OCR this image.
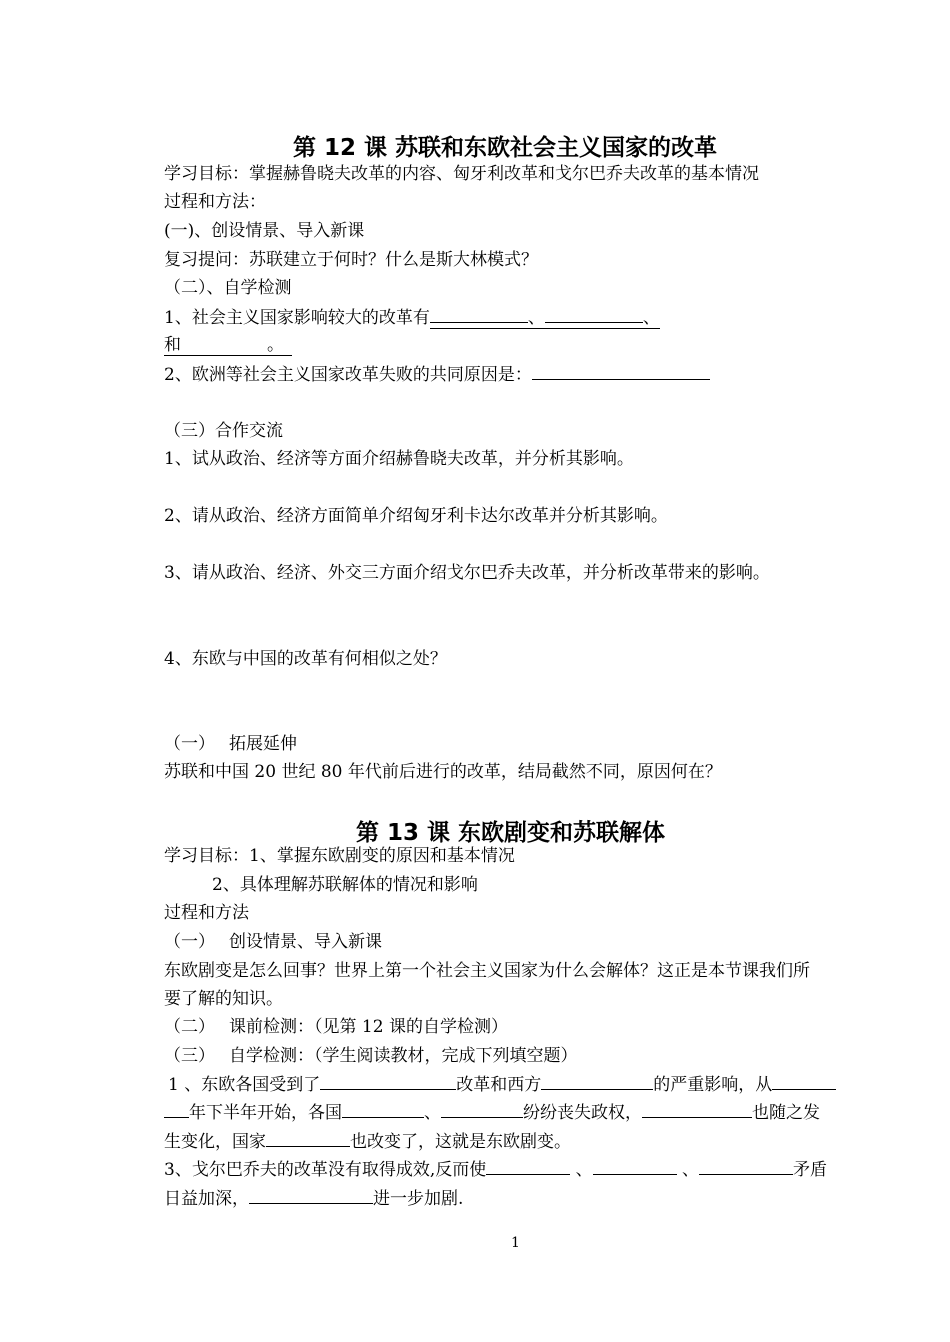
第 12 课 苏联和东欧社会主义国家的改革
学习目标：掌握赫鲁晓夫改革的内容、匈牙利改革和戈尔巴乔夫改革的基本情况
过程和方法：
(一)、创设情景、导入新课
复习提问：苏联建立于何时？什么是斯大林模式？
（二）、自学检测
1、社会主义国家影响较大的改革有	、	、
和	。
2、欧洲等社会主义国家改革失败的共同原因是：
（三）合作交流
1、试从政治、经济等方面介绍赫鲁晓夫改革，并分析其影响。
2、请从政治、经济方面简单介绍匈牙利卡达尔改革并分析其影响。
3、请从政治、经济、外交三方面介绍戈尔巴乔夫改革，并分析改革带来的影响。
4、东欧与中国的改革有何相似之处？
（一） 拓展延伸
苏联和中国 20 世纪 80 年代前后进行的改革，结局截然不同，原因何在？
第 13 课 东欧剧变和苏联解体
学习目标：1、掌握东欧剧变的原因和基本情况
2、具体理解苏联解体的情况和影响
过程和方法
（一） 创设情景、导入新课
东欧剧变是怎么回事？世界上第一个社会主义国家为什么会解体？这正是本节课我们所
要了解的知识。
（二） 课前检测：（见第 12 课的自学检测）
（三） 自学检测：（学生阅读教材，完成下列填空题）
1 、东欧各国受到了	改革和西方	的严重影响，从
年下半年开始，各国	、	纷纷丧失政权，	也随之发
生变化，国家	也改变了，这就是东欧剧变。
3、戈尔巴乔夫的改革没有取得成效,反而使	、	、	矛盾
日益加深，	进一步加剧.
1
